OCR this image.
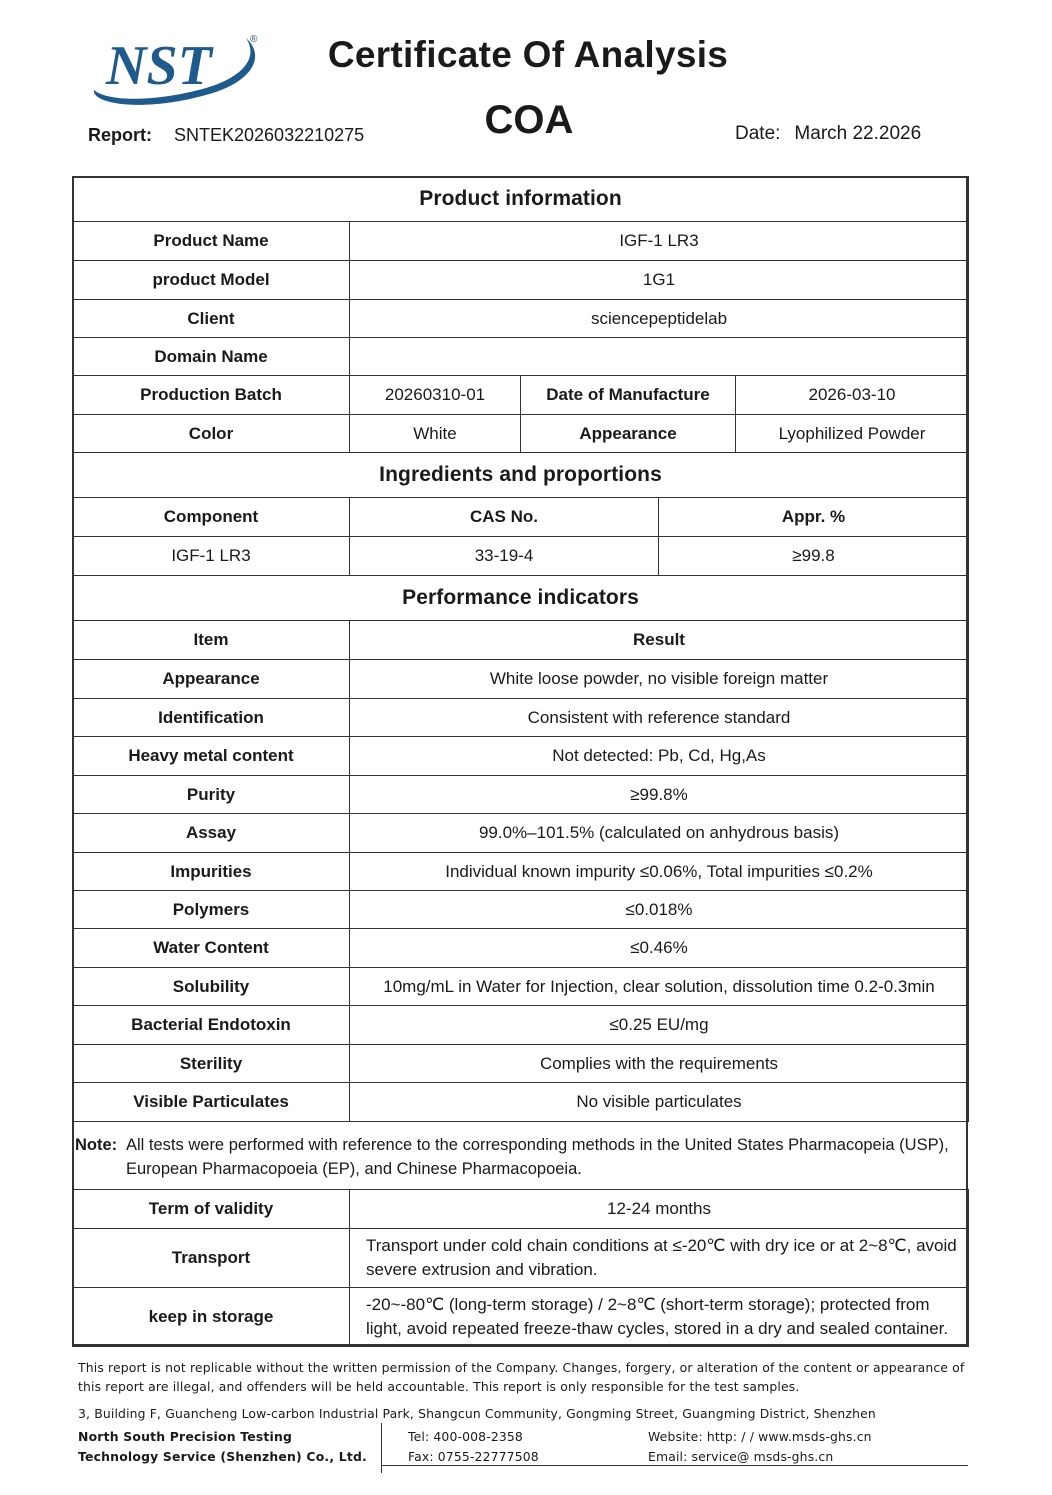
NST	®	Certificate Of Analysis
COA
Report: SNTEK2026032210275	Date: March 22.2026
Product information			
Product Name	IGF-1 LR3		
product Model	1G1		
Client	sciencepeptidelab		
Domain Name			
Production Batch	20260310-01	Date of Manufacture	2026-03-10
Color	White	Appearance	Lyophilized Powder
Ingredients and proportions		
Component	CAS No.	Appr. %
IGF-1 LR3	33-19-4	≥99.8
Performance indicators	
Item	Result
Appearance	White loose powder, no visible foreign matter
Identification	Consistent with reference standard
Heavy metal content	Not detected: Pb, Cd, Hg,As
Purity	≥99.8%
Assay	99.0%–101.5% (calculated on anhydrous basis)
Impurities	Individual known impurity ≤0.06%, Total impurities ≤0.2%
Polymers	≤0.018%
Water Content	≤0.46%
Solubility	10mg/mL in Water for Injection, clear solution, dissolution time 0.2-0.3min
Bacterial Endotoxin	≤0.25 EU/mg
Sterility	Complies with the requirements
Visible Particulates	No visible particulates
Note: All tests were performed with reference to the corresponding methods in the United States Pharmacopeia (USP), European Pharmacopoeia (EP), and Chinese Pharmacopoeia.
Term of validity	12-24 months
Transport	Transport under cold chain conditions at ≤-20℃ with dry ice or at 2~8℃, avoid severe extrusion and vibration.
keep in storage	-20~-80℃ (long-term storage) / 2~8℃ (short-term storage); protected from light, avoid repeated freeze-thaw cycles, stored in a dry and sealed container.
This report is not replicable without the written permission of the Company. Changes, forgery, or alteration of the content or appearance of this report are illegal, and offenders will be held accountable. This report is only responsible for the test samples.
3, Building F, Guancheng Low-carbon Industrial Park, Shangcun Community, Gongming Street, Guangming District, Shenzhen
North South Precision Testing
Technology Service (Shenzhen) Co., Ltd.
Tel: 400-008-2358
Fax: 0755-22777508
Website: http: / / www.msds-ghs.cn
Email: service@ msds-ghs.cn
